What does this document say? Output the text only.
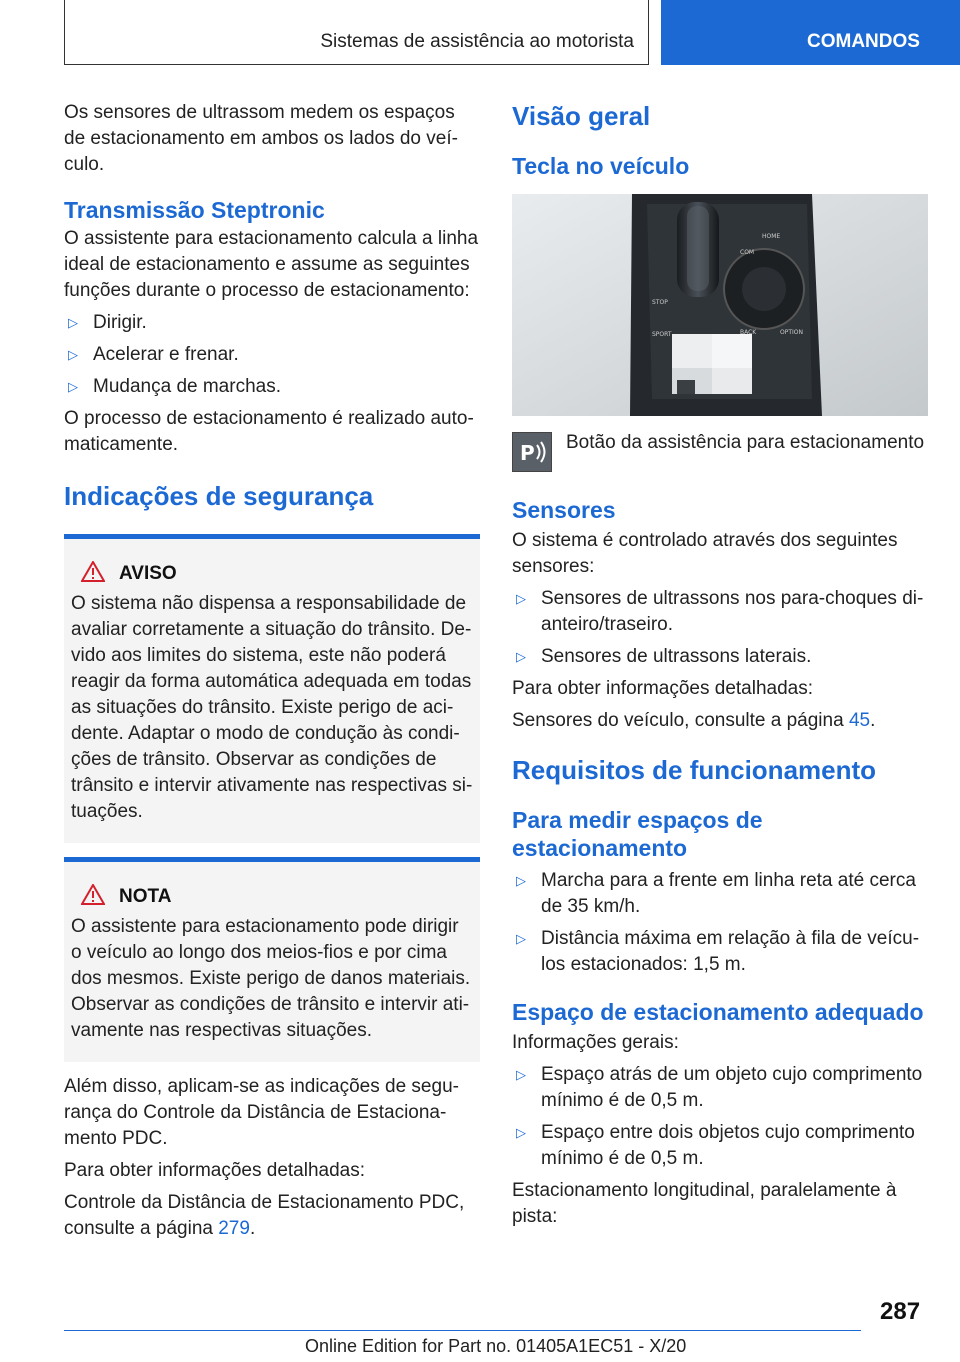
Sistemas de assistência ao motorista	COMANDOS

Os sensores de ultrassom medem os espaços de estacionamento em ambos os lados do veículo.

Transmissão Steptronic

O assistente para estacionamento calcula a linha ideal de estacionamento e assume as seguintes funções durante o processo de estacionamento:

▷ Dirigir.
▷ Acelerar e frenar.
▷ Mudança de marchas.

O processo de estacionamento é realizado automaticamente.

Indicações de segurança
AVISO

O sistema não dispensa a responsabilidade de avaliar corretamente a situação do trânsito. Devido aos limites do sistema, este não poderá reagir da forma automática adequada em todas as situações do trânsito. Existe perigo de acidente. Adaptar o modo de condução às condições de trânsito. Observar as condições de trânsito e intervir ativamente nas respectivas situações.

NOTA

O assistente para estacionamento pode dirigir o veículo ao longo dos meios-fios e por cima dos mesmos. Existe perigo de danos materiais. Observar as condições de trânsito e intervir ativamente nas respectivas situações.

Além disso, aplicam-se as indicações de segurança do Controle da Distância de Estacionamento PDC.

Para obter informações detalhadas:

Controle da Distância de Estacionamento PDC, consulte a página 279.

Visão geral
Tecla no veículo
STOP
SPORT
HOME
COM
OPTION
BACK
P Botão da assistência para estacionamento

Sensores

O sistema é controlado através dos seguintes sensores:

▷ Sensores de ultrassons nos para-choques dianteiro/traseiro.
▷ Sensores de ultrassons laterais.

Para obter informações detalhadas:

Sensores do veículo, consulte a página 45.

Requisitos de funcionamento
Para medir espaços de estacionamento
▷ Marcha para a frente em linha reta até cerca de 35 km/h.
▷ Distância máxima em relação à fila de veículos estacionados: 1,5 m.
Espaço de estacionamento adequado

Informações gerais:

▷ Espaço atrás de um objeto cujo comprimento mínimo é de 0,5 m.
▷ Espaço entre dois objetos cujo comprimento mínimo é de 0,5 m.

Estacionamento longitudinal, paralelamente à pista:

287
Online Edition for Part no. 01405A1EC51 - X/20
